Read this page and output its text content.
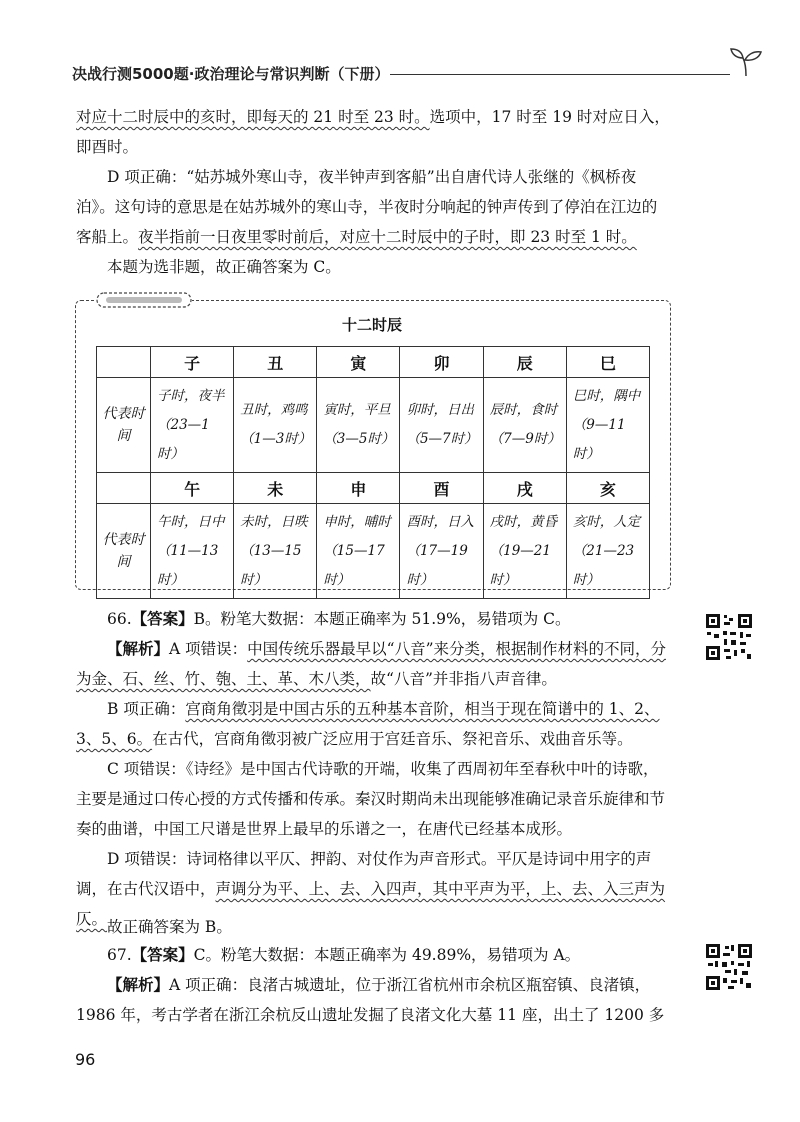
决战行测5000题·政治理论与常识判断（下册）
对应十二时辰中的亥时，即每天的 21 时至 23 时。选项中，17 时至 19 时对应日入，即酉时。
D 项正确：“姑苏城外寒山寺，夜半钟声到客船”出自唐代诗人张继的《枫桥夜泊》。这句诗的意思是在姑苏城外的寒山寺，半夜时分响起的钟声传到了停泊在江边的客船上。夜半指前一日夜里零时前后，对应十二时辰中的子时，即 23 时至 1 时。
本题为选非题，故正确答案为 C。
十二时辰
	子	丑	寅	卯	辰	巳
代表时间	子时，夜半（23—1时）	丑时，鸡鸣（1—3时）	寅时，平旦（3—5时）	卯时，日出（5—7时）	辰时，食时（7—9时）	巳时，隅中（9—11时）
	午	未	申	酉	戌	亥
代表时间	午时，日中（11—13时）	未时，日昳（13—15时）	申时，晡时（15—17时）	酉时，日入（17—19时）	戌时，黄昏（19—21时）	亥时，人定（21—23时）
66.【答案】B。粉笔大数据：本题正确率为 51.9%，易错项为 C。
【解析】A 项错误：中国传统乐器最早以“八音”来分类，根据制作材料的不同，分为金、石、丝、竹、匏、土、革、木八类，故“八音”并非指八声音律。
B 项正确：宫商角徵羽是中国古乐的五种基本音阶，相当于现在简谱中的 1、2、3、5、6。在古代，宫商角徵羽被广泛应用于宫廷音乐、祭祀音乐、戏曲音乐等。
C 项错误：《诗经》是中国古代诗歌的开端，收集了西周初年至春秋中叶的诗歌，主要是通过口传心授的方式传播和传承。秦汉时期尚未出现能够准确记录音乐旋律和节奏的曲谱，中国工尺谱是世界上最早的乐谱之一，在唐代已经基本成形。
D 项错误：诗词格律以平仄、押韵、对仗作为声音形式。平仄是诗词中用字的声调，在古代汉语中，声调分为平、上、去、入四声，其中平声为平，上、去、入三声为仄。 故正确答案为 B。
67.【答案】C。粉笔大数据：本题正确率为 49.89%，易错项为 A。
【解析】A 项正确：良渚古城遗址，位于浙江省杭州市余杭区瓶窑镇、良渚镇，1986 年，考古学者在浙江余杭反山遗址发掘了良渚文化大墓 11 座，出土了 1200 多
96
